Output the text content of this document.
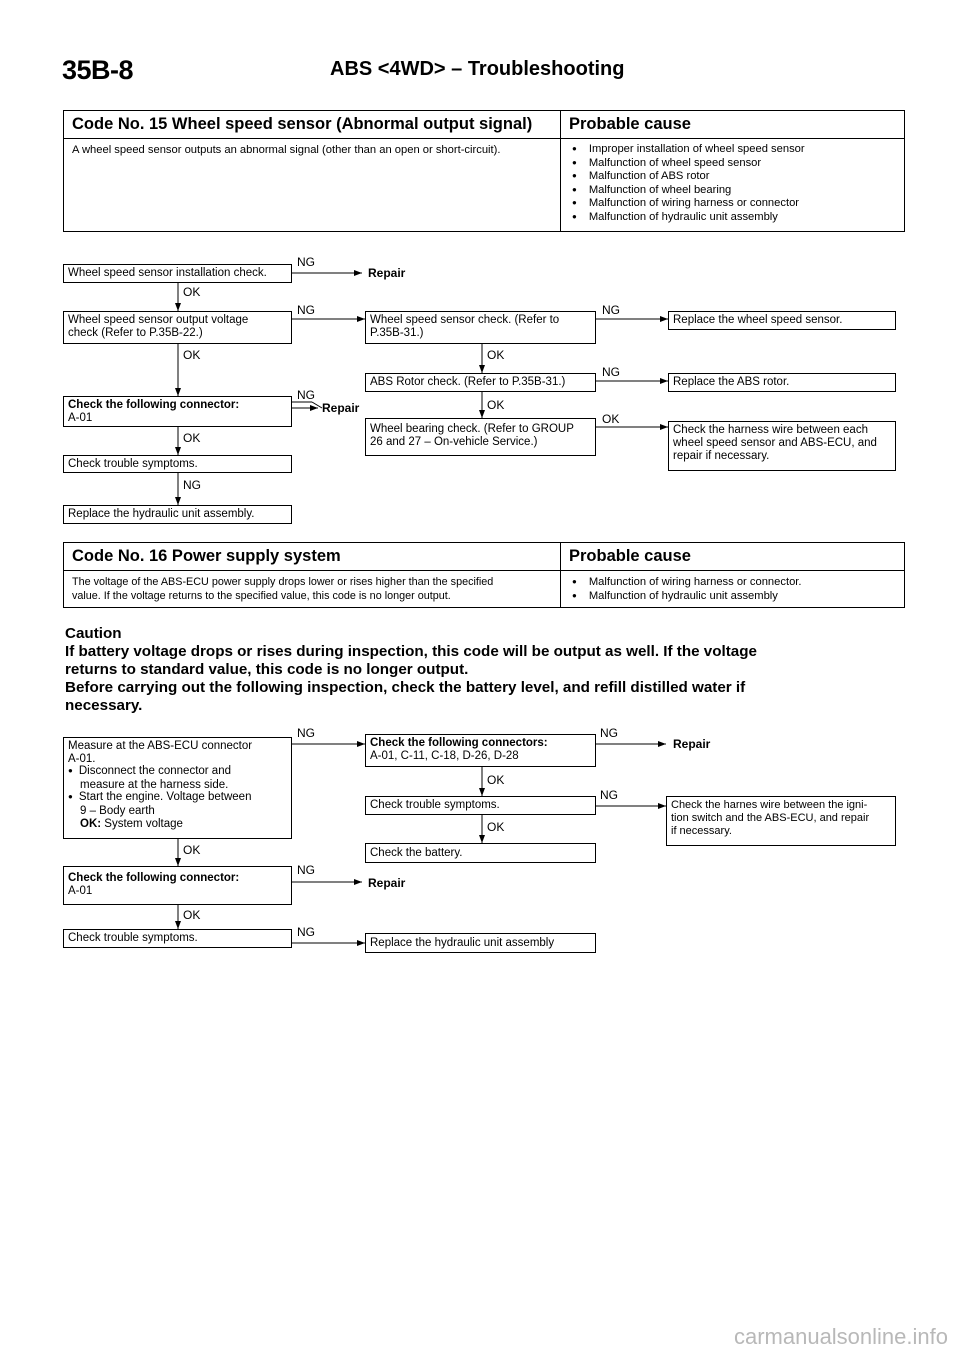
35B-8	ABS <4WD> – Troubleshooting
Code No. 15 Wheel speed sensor (Abnormal output signal)	Probable cause
A wheel speed sensor outputs an abnormal signal (other than an open or short-circuit).
●	Improper installation of wheel speed sensor
● Malfunction of wheel speed sensor
● Malfunction of ABS rotor
● Malfunction of wheel bearing
● Malfunction of wiring harness or connector
● Malfunction of hydraulic unit assembly
Wheel speed sensor installation check.
Wheel speed sensor output voltage
check (Refer to P.35B-22.)
Check the following connector:
A-01
Check trouble symptoms.
Replace the hydraulic unit assembly.
Wheel speed sensor check. (Refer to
P.35B-31.)
ABS Rotor check. (Refer to P.35B-31.)
Wheel bearing check. (Refer to GROUP
26 and 27 – On-vehicle Service.)
Replace the wheel speed sensor.
Replace the ABS rotor.
Check the harness wire between each
wheel speed sensor and ABS-ECU, and
repair if necessary.
NG
Repair
OK
NG	NG
OK	OK
NG
NG
Repair	OK
OK
OK
NG
Code No. 16 Power supply system	Probable cause
The voltage of the ABS-ECU power supply drops lower or rises higher than the specified
value. If the voltage returns to the specified value, this code is no longer output.
● Malfunction of wiring harness or connector.
● Malfunction of hydraulic unit assembly
Caution
If battery voltage drops or rises during inspection, this code will be output as well. If the voltage
returns to standard value, this code is no longer output.
Before carrying out the following inspection, check the battery level, and refill distilled water if
necessary.
Measure at the ABS-ECU connector
A-01.
● Disconnect the connector and
measure at the harness side.
● Start the engine. Voltage between
9 – Body earth
OK: System voltage
Check the following connector:
A-01
Check trouble symptoms.
Check the following connectors:
A-01, C-11, C-18, D-26, D-28
Check trouble symptoms.
Check the battery.
Check the harnes wire between the igni-
tion switch and the ABS-ECU, and repair
if necessary.
Replace the hydraulic unit assembly
NG	NG
Repair
OK
NG
OK
OK
NG
Repair
OK
NG
carmanualsonline.info
